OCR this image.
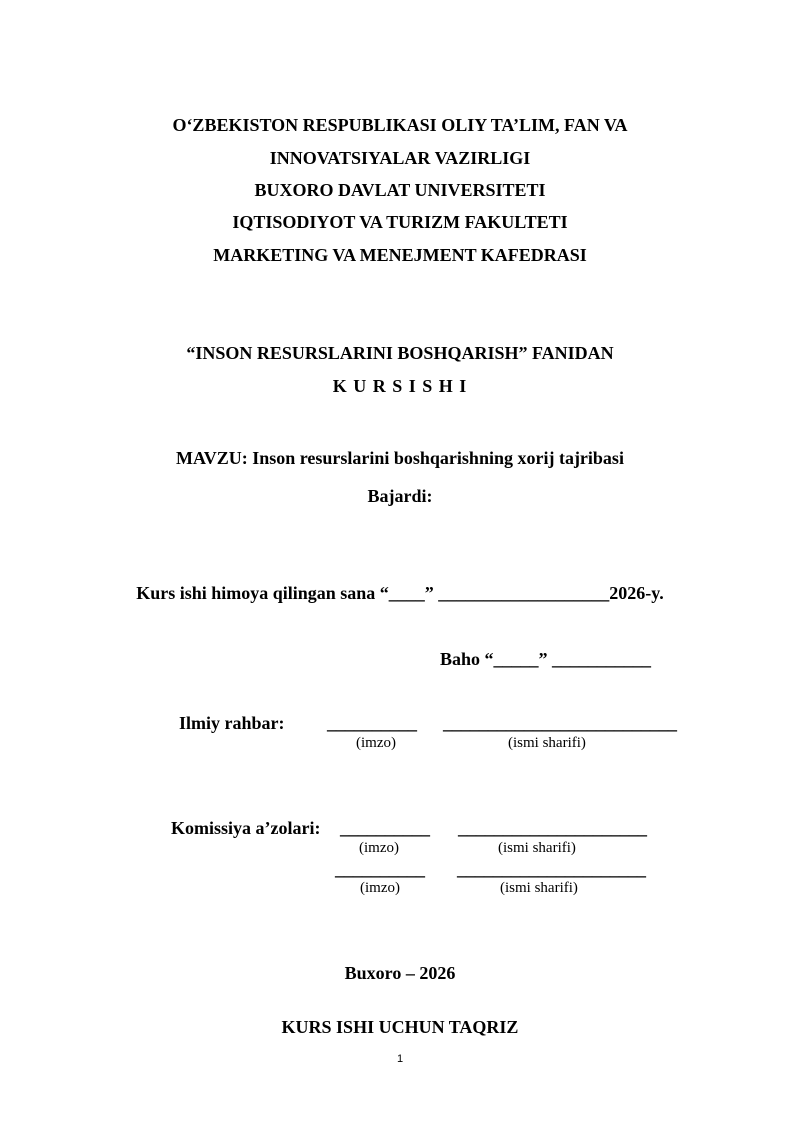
O‘ZBEKISTON RESPUBLIKASI OLIY TA’LIM, FAN VA
INNOVATSIYALAR VAZIRLIGI
BUXORO DAVLAT UNIVERSITETI
IQTISODIYOT VA TURIZM FAKULTETI
MARKETING VA MENEJMENT KAFEDRASI
“INSON RESURSLARINI BOSHQARISH” FANIDAN
K U R S I S H I
MAVZU: Inson resurslarini boshqarishning xorij tajribasi
Bajardi:
Kurs ishi himoya qilingan sana “____” ___________________2026-y.
Baho “_____” ___________
Ilmiy rahbar: __________ __________________________
(imzo)	(ismi sharifi)
Komissiya a’zolari: __________ _____________________
(imzo)	(ismi sharifi)
__________ _____________________
(imzo)	(ismi sharifi)
Buxoro – 2026
KURS ISHI UCHUN TAQRIZ
1
